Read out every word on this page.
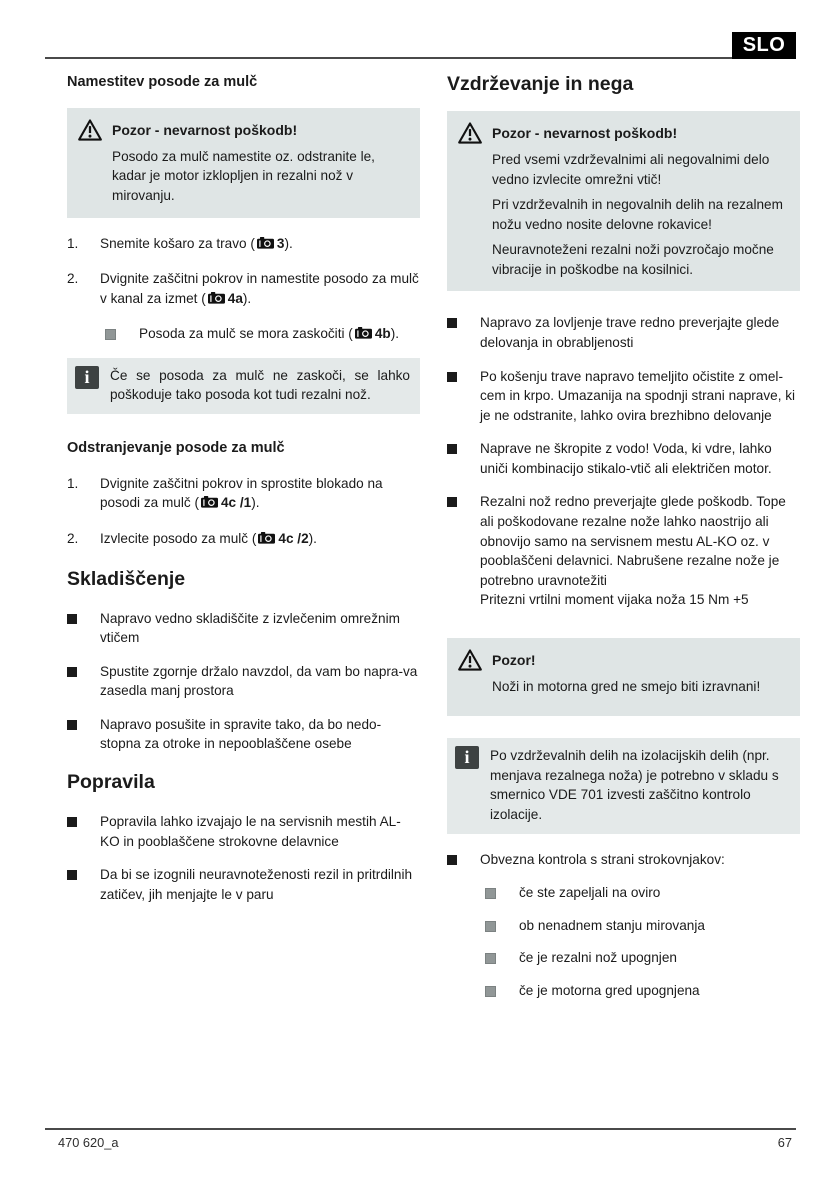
SLO
Namestitev posode za mulč
Pozor - nevarnost poškodb!

Posodo za mulč namestite oz. odstranite le, kadar je motor izklopljen in rezalni nož v mirovanju.

1.	Snemite košaro za travo ( 3).
2.	Dvignite zaščitni pokrov in namestite posodo za mulč v kanal za izmet ( 4a).
Posoda za mulč se mora zaskočiti ( 4b).
i	Če se posoda za mulč ne zaskoči, se lahko poškoduje tako posoda kot tudi rezalni nož.
Odstranjevanje posode za mulč
1.	Dvignite zaščitni pokrov in sprostite blokado na posodi za mulč ( 4c /1).
2.	Izvlecite posodo za mulč ( 4c /2).
Skladiščenje
Napravo vedno skladiščite z izvlečenim omrežnim vtičem
Spustite zgornje držalo navzdol, da vam bo napra-va zasedla manj prostora
Napravo posušite in spravite tako, da bo nedo-stopna za otroke in nepooblaščene osebe
Popravila
Popravila lahko izvajajo le na servisnih mestih AL-KO in pooblaščene strokovne delavnice
Da bi se izognili neuravnoteženosti rezil in pritrdilnih zatičev, jih menjajte le v paru
Vzdrževanje in nega
Pozor - nevarnost poškodb!

Pred vsemi vzdrževalnimi ali negovalnimi delo vedno izvlecite omrežni vtič!

Pri vzdrževalnih in negovalnih delih na rezalnem nožu vedno nosite delovne rokavice!

Neuravnoteženi rezalni noži povzročajo močne vibracije in poškodbe na kosilnici.

Napravo za lovljenje trave redno preverjajte glede delovanja in obrabljenosti
Po košenju trave napravo temeljito očistite z omel-cem in krpo. Umazanija na spodnji strani naprave, ki je ne odstranite, lahko ovira brezhibno delovanje
Naprave ne škropite z vodo! Voda, ki vdre, lahko uniči kombinacijo stikalo-vtič ali električen motor.
Rezalni nož redno preverjajte glede poškodb. Tope ali poškodovane rezalne nože lahko naostrijo ali obnovijo samo na servisnem mestu AL-KO oz. v pooblaščeni delavnici. Nabrušene rezalne nože je potrebno uravnotežiti
Pritezni vrtilni moment vijaka noža 15 Nm +5
Pozor!

Noži in motorna gred ne smejo biti izravnani!

i	Po vzdrževalnih delih na izolacijskih delih (npr. menjava rezalnega noža) je potrebno v skladu s smernico VDE 701 izvesti zaščitno kontrolo izolacije.
Obvezna kontrola s strani strokovnjakov:
če ste zapeljali na oviro
ob nenadnem stanju mirovanja
če je rezalni nož upognjen
če je motorna gred upognjena
470 620_a	67
